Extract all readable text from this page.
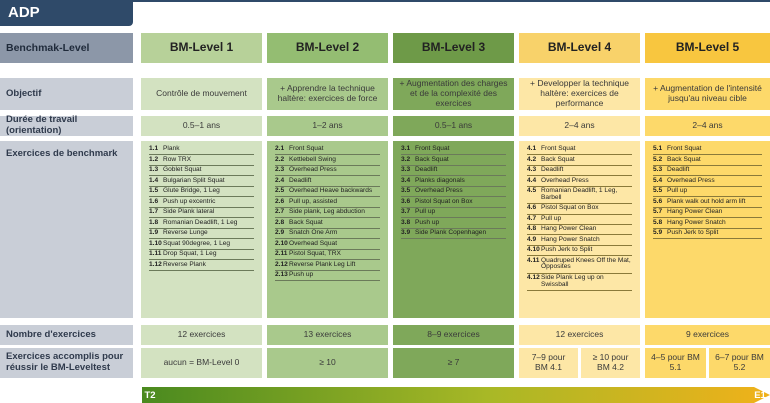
ADP
Benchmak-Level
Objectif
Durée de travail (orientation)
Exercices de benchmark
Nombre d'exercices
Exercices accomplis pour réussir le BM-Leveltest
BM-Level 1
Contrôle de mouvement
0.5–1 ans
1.1 Plank
1.2 Row TRX
1.3 Goblet Squat
1.4 Bulgarian Split Squat
1.5 Glute Bridge, 1 Leg
1.6 Push up excentric
1.7 Side Plank lateral
1.8 Romanian Deadlift, 1 Leg
1.9 Reverse Lunge
1.10 Squat 90degree, 1 Leg
1.11 Drop Squat, 1 Leg
1.12 Reverse Plank
12 exercices
aucun = BM-Level 0
BM-Level 2
+ Apprendre la technique haltère: exercices de force
1–2 ans
2.1 Front Squat
2.2 Kettlebell Swing
2.3 Overhead Press
2.4 Deadlift
2.5 Overhead Heave backwards
2.6 Pull up, assisted
2.7 Side plank, Leg abduction
2.8 Back Squat
2.9 Snatch One Arm
2.10 Overhead Squat
2.11 Pistol Squat, TRX
2.12 Reverse Plank Leg Lift
2.13 Push up
13 exercices
≥ 10
BM-Level 3
+ Augmentation des charges et de la complexité des exercices
0.5–1 ans
3.1 Front Squat
3.2 Back Squat
3.3 Deadlift
3.4 Planks diagonals
3.5 Overhead Press
3.6 Pistol Squat on Box
3.7 Pull up
3.8 Push up
3.9 Side Plank Copenhagen
8–9 exercices
≥ 7
BM-Level 4
+ Developper la technique haltère: exercices de performance
2–4 ans
4.1 Front Squat
4.2 Back Squat
4.3 Deadlift
4.4 Overhead Press
4.5 Romanian Deadlift, 1 Leg, Barbell
4.6 Pistol Squat on Box
4.7 Pull up
4.8 Hang Power Clean
4.9 Hang Power Snatch
4.10 Push Jerk to Split
4.11 Quadruped Knees Off the Mat, Opposites
4.12 Side Plank Leg up on Swissball
12 exercices
7–9 pour BM 4.1
≥ 10 pour BM 4.2
BM-Level 5
+ Augmentation de l'intensité jusqu'au niveau cible
2–4 ans
5.1 Front Squat
5.2 Back Squat
5.3 Deadlift
5.4 Overhead Press
5.5 Pull up
5.6 Plank walk out hold arm lift
5.7 Hang Power Clean
5.8 Hang Power Snatch
5.9 Push Jerk to Split
9 exercices
4–5 pour BM 5.1
6–7 pour BM 5.2
T2	E1
